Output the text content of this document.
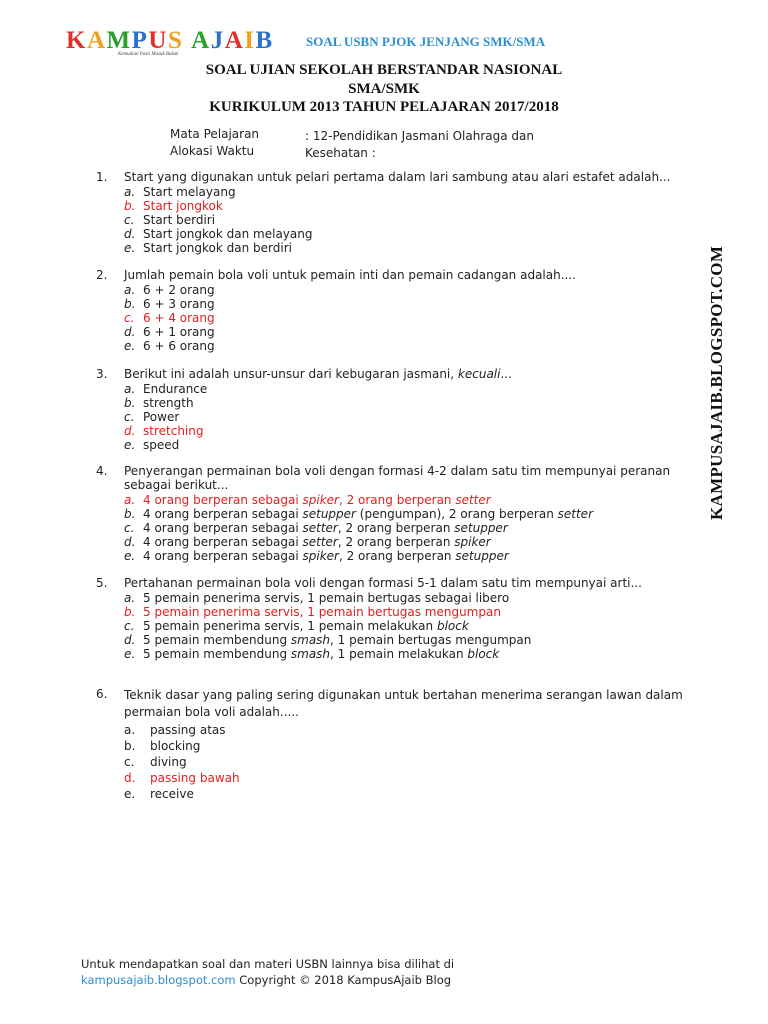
KAMPUS AJAIB
Kemudian Pasti Masuk Bukak
SOAL USBN PJOK JENJANG SMK/SMA
SOAL UJIAN SEKOLAH BERSTANDAR NASIONAL
SMA/SMK
KURIKULUM 2013 TAHUN PELAJARAN 2017/2018
Mata Pelajaran
Alokasi Waktu
: 12-Pendidikan Jasmani Olahraga dan
Kesehatan :
1. Start yang digunakan untuk pelari pertama dalam lari sambung atau alari estafet adalah...
a. Start melayang
b. Start jongkok
c. Start berdiri
d. Start jongkok dan melayang
e. Start jongkok dan berdiri
2. Jumlah pemain bola voli untuk pemain inti dan pemain cadangan adalah....
a. 6 + 2 orang
b. 6 + 3 orang
c. 6 + 4 orang
d. 6 + 1 orang
e. 6 + 6 orang
3. Berikut ini adalah unsur-unsur dari kebugaran jasmani, kecuali...
a. Endurance
b. strength
c. Power
d. stretching
e. speed
4. Penyerangan permainan bola voli dengan formasi 4-2 dalam satu tim mempunyai peranan sebagai berikut...
a. 4 orang berperan sebagai spiker, 2 orang berperan setter
b. 4 orang berperan sebagai setupper (pengumpan), 2 orang berperan setter
c. 4 orang berperan sebagai setter, 2 orang berperan setupper
d. 4 orang berperan sebagai setter, 2 orang berperan spiker
e. 4 orang berperan sebagai spiker, 2 orang berperan setupper
5. Pertahanan permainan bola voli dengan formasi 5-1 dalam satu tim mempunyai arti...
a. 5 pemain penerima servis, 1 pemain bertugas sebagai libero
b. 5 pemain penerima servis, 1 pemain bertugas mengumpan
c. 5 pemain penerima servis, 1 pemain melakukan block
d. 5 pemain membendung smash, 1 pemain bertugas mengumpan
e. 5 pemain membendung smash, 1 pemain melakukan block
6. Teknik dasar yang paling sering digunakan untuk bertahan menerima serangan lawan dalam permaian bola voli adalah.....
a. passing atas
b. blocking
c. diving
d. passing bawah
e. receive
KAMPUSAJAIB.BLOGSPOT.COM
Untuk mendapatkan soal dan materi USBN lainnya bisa dilihat di
kampusajaib.blogspot.com Copyright © 2018 KampusAjaib Blog
